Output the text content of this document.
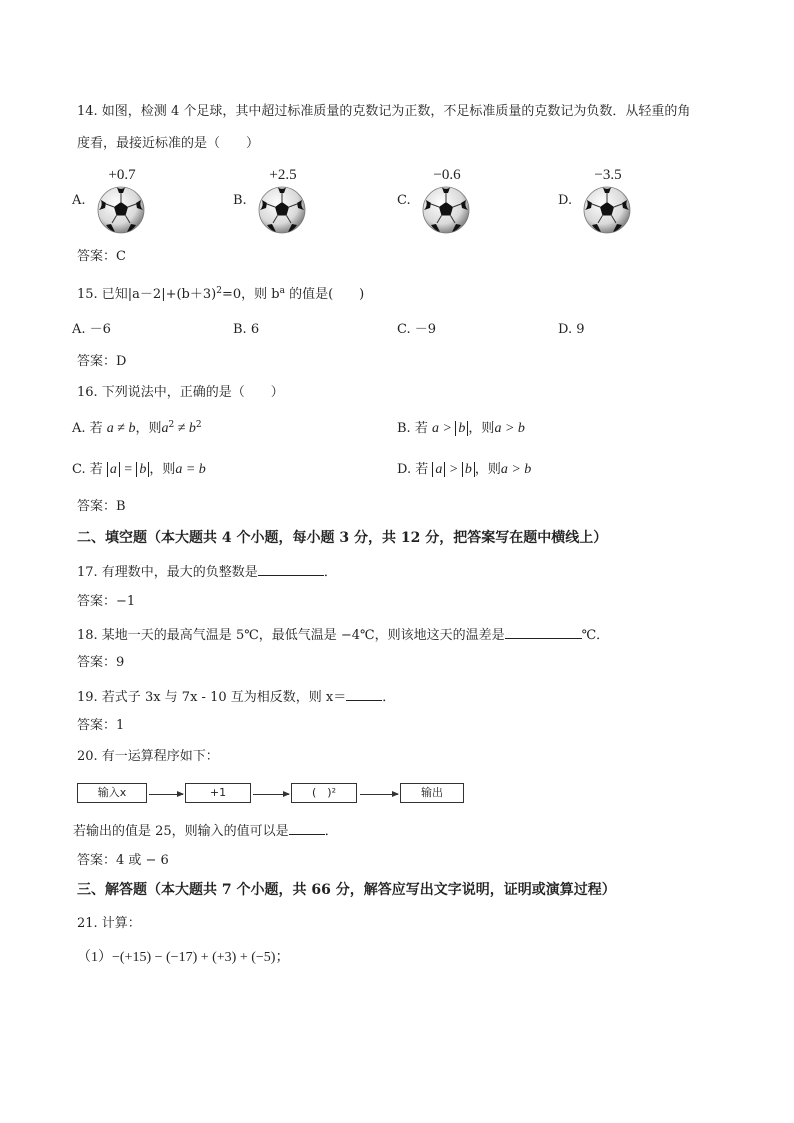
14. 如图，检测 4 个足球，其中超过标准质量的克数记为正数，不足标准质量的克数记为负数．从轻重的角
度看，最接近标准的是（　　）
A.
+0.7
B.
+2.5
C.
−0.6
D.
−3.5
答案：C
15. 已知$|a-2|+(b+3)^2=0$，则 $b^a$ 的值是(　　)
A. －6	B. 6	C. －9	D. 9
答案：D
16. 下列说法中，正确的是（　　）
A. 若 a ≠ b，则$a^2 \ne b^2$	B. 若 a > b ，则a > b
C. 若 a = b ，则a = b	D. 若 a > b ，则a > b
答案：B
二、填空题（本大题共 4 个小题，每小题 3 分，共 12 分，把答案写在题中横线上）
17. 有理数中，最大的负整数是	．
答案：−1
18. 某地一天的最高气温是 5℃，最低气温是 −4℃，则该地这天的温差是	℃．
答案：9
19. 若式子 3x 与 7x - 10 互为相反数，则 x＝	．
答案：1
20. 有一运算程序如下：
输入x	+1	(　)²	输出
若输出的值是 25，则输入的值可以是	．
答案：4 或 − 6
三、解答题（本大题共 7 个小题，共 66 分，解答应写出文字说明，证明或演算过程）
21. 计算：
（1）−(+15) − (−17) + (+3) + (−5)；
